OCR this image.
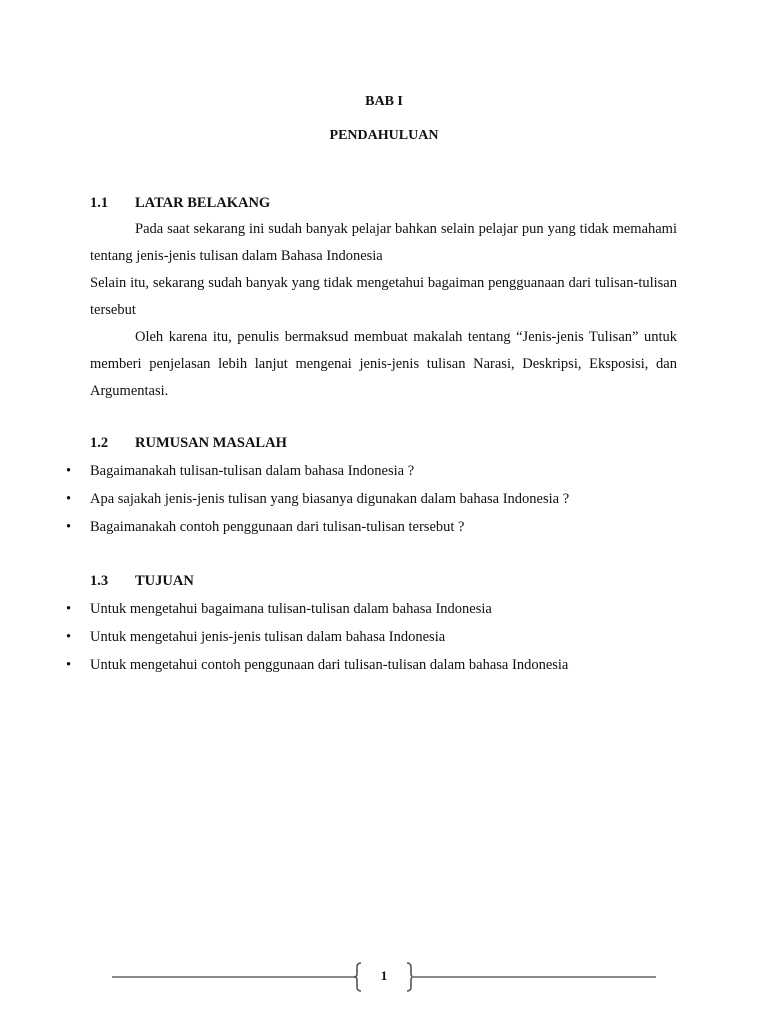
BAB I
PENDAHULUAN
1.1 LATAR BELAKANG
Pada saat sekarang ini sudah banyak pelajar bahkan selain pelajar pun yang tidak memahami tentang jenis-jenis tulisan dalam Bahasa Indonesia
Selain itu, sekarang sudah banyak yang tidak mengetahui bagaiman pengguanaan dari tulisan-tulisan tersebut
Oleh karena itu, penulis bermaksud membuat makalah tentang “Jenis-jenis Tulisan” untuk memberi penjelasan lebih lanjut mengenai jenis-jenis tulisan Narasi, Deskripsi, Eksposisi, dan Argumentasi.
1.2 RUMUSAN MASALAH
• Bagaimanakah tulisan-tulisan dalam bahasa Indonesia ?
• Apa sajakah jenis-jenis tulisan yang biasanya digunakan dalam bahasa Indonesia ?
• Bagaimanakah contoh penggunaan dari tulisan-tulisan tersebut ?
1.3 TUJUAN
• Untuk mengetahui bagaimana tulisan-tulisan dalam bahasa Indonesia
• Untuk mengetahui jenis-jenis tulisan dalam bahasa Indonesia
• Untuk mengetahui contoh penggunaan dari tulisan-tulisan dalam bahasa Indonesia
1
